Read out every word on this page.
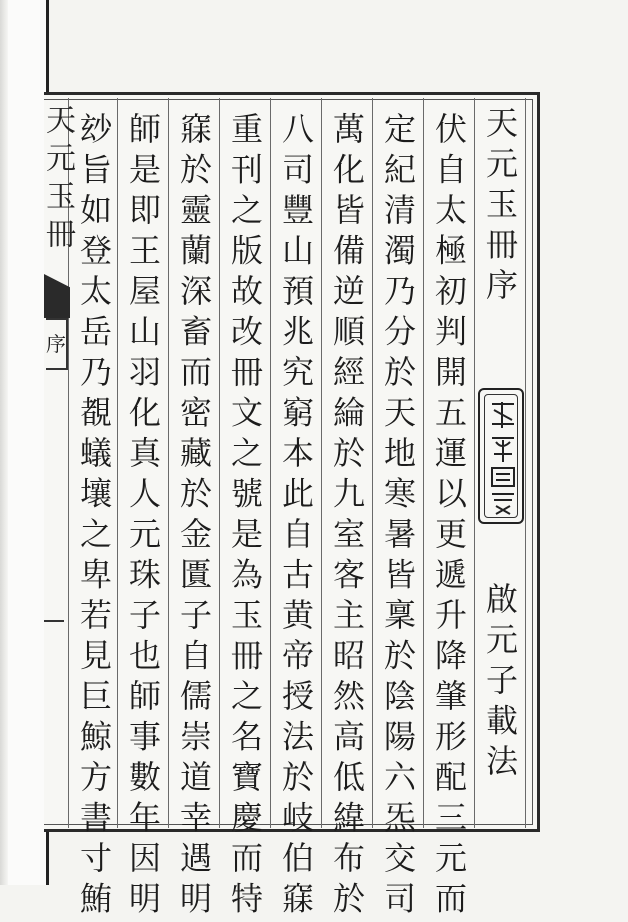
天元玉冊序
啟元子載法
伏自太極初判開五運以更遞升降肇形配三元而
定紀清濁乃分於天地寒暑皆稟於陰陽六炁交司
萬化皆備逆順經綸於九室客主昭然高低緯布於
八司豐山預兆究窮本此自古黄帝授法於岐伯𥧌
重刊之版故改冊文之號是為玉冊之名寶慶而特
𥧌於靈蘭深畜而密藏於金匱子自儒崇道幸遇明
師是即王屋山羽化真人元珠子也師事數年因明
玅旨如登太岳乃覩蟻壤之卑若見巨鯨方書寸鮪
天元玉冊
序
